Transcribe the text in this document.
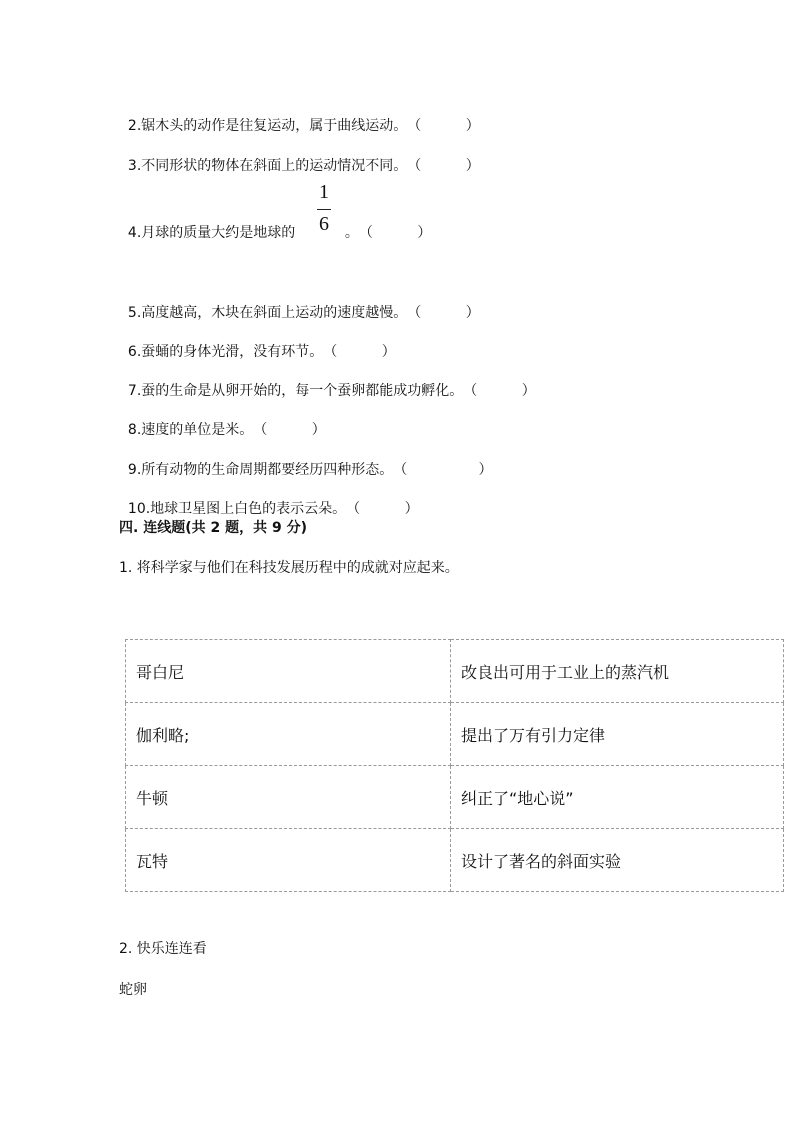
2.锯木头的动作是往复运动，属于曲线运动。（          ）

3.不同形状的物体在斜面上的运动情况不同。（          ）

4.月球的质量大约是地球的

1
6	。（          ）

5.高度越高，木块在斜面上运动的速度越慢。（          ）

6.蚕蛹的身体光滑，没有环节。（          ）

7.蚕的生命是从卵开始的，每一个蚕卵都能成功孵化。（          ）

8.速度的单位是米。（          ）

9.所有动物的生命周期都要经历四种形态。（                ）

10.地球卫星图上白色的表示云朵。（          ）

四. 连线题(共 2 题，共 9 分)
1. 将科学家与他们在科技发展历程中的成就对应起来。
哥白尼	改良出可用于工业上的蒸汽机
伽利略;	提出了万有引力定律
牛顿	纠正了“地心说”
瓦特	设计了著名的斜面实验
2. 快乐连连看
蛇卵
